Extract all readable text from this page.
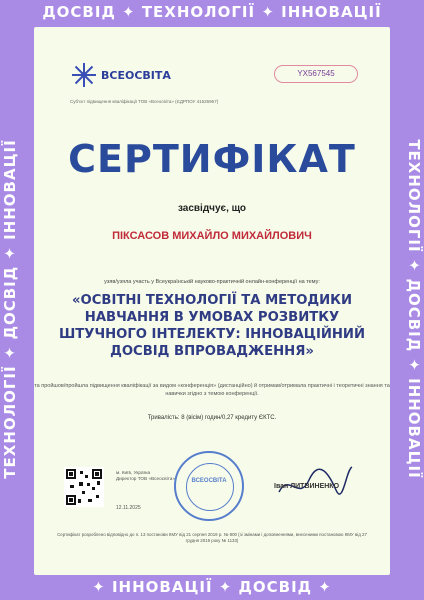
ДОСВІД ✦ ТЕХНОЛОГІЇ ✦ ІННОВАЦІЇ
✦ ІННОВАЦІЇ ✦ ДОСВІД ✦
ТЕХНОЛОГІЇ ✦ ДОСВІД ✦ ІННОВАЦІЇ	ТЕХНОЛОГІЇ ✦ ДОСВІД ✦ ІННОВАЦІЇ
ВСЕОСВІТА
Суб'єкт підвищення кваліфікації ТОВ «Всеосвіта» (ЄДРПОУ 41526967)
YX567545
СЕРТИФІКАТ
засвідчує, що
ПІКСАСОВ МИХАЙЛО МИХАЙЛОВИЧ
узяв/узяла участь у Всеукраїнській науково-практичній онлайн-конференції на тему:
«ОСВІТНІ ТЕХНОЛОГІЇ ТА МЕТОДИКИ НАВЧАННЯ В УМОВАХ РОЗВИТКУ ШТУЧНОГО ІНТЕЛЕКТУ: ІННОВАЦІЙНИЙ ДОСВІД ВПРОВАДЖЕННЯ»
та пройшов/пройшла підвищення кваліфікації за видом «конференція» (дистанційно) й отримав/отримала практичні і теоретичні знання та навички згідно з темою конференції.
Тривалість: 8 (вісім) годин/0,27 кредиту ЄКТС.
м. Київ, Україна
Директор ТОВ «Всеосвіта»
12.11.2025
ВСЕОСВІТА
Іван ЛИТВИНЕНКО
Сертифікат розроблено відповідно до п. 13 постанови КМУ від 21 серпня 2019 р. № 800 (зі змінами і доповненнями, внесеними постановою КМУ від 27 грудня 2019 року № 1133)
